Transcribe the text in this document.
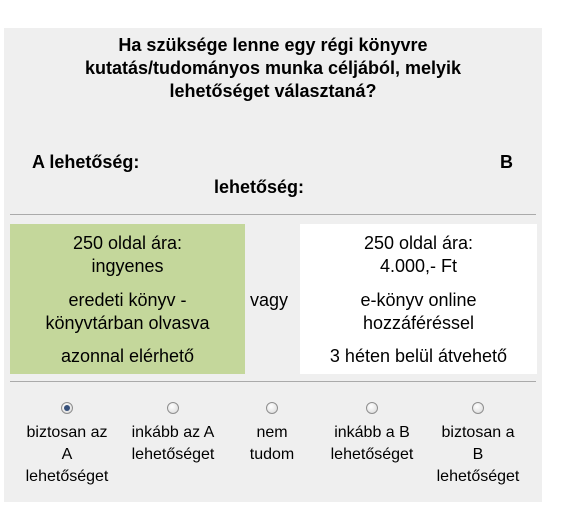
Ha szüksége lenne egy régi könyvre
kutatás/tudományos munka céljából, melyik
lehetőséget választaná?
A lehetőség:	B
lehetőség:
250 oldal ára:
ingyenes
eredeti könyv -
könyvtárban olvasva
azonnal elérhető
vagy
250 oldal ára:
4.000,- Ft
e-könyv online
hozzáféréssel
3 héten belül átvehető
biztosan az
A
lehetőséget
inkább az A
lehetőséget
nem
tudom
inkább a B
lehetőséget
biztosan a
B
lehetőséget
